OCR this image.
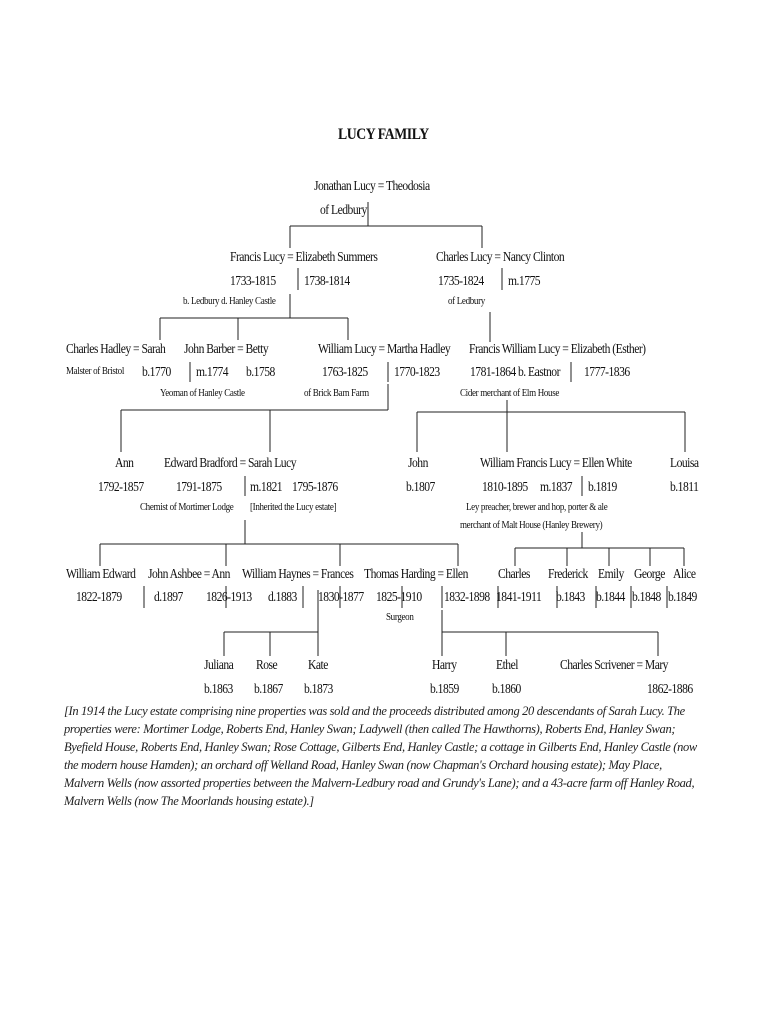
LUCY FAMILY
Jonathan Lucy = Theodosia
of Ledbury
Francis Lucy = Elizabeth Summers
1733-1815 1738-1814
b. Ledbury d. Hanley Castle
Charles Lucy = Nancy Clinton
1735-1824 m.1775
of Ledbury
Charles Hadley = Sarah
Malster of Bristol b.1770
John Barber = Betty
m.1774 b.1758
Yeoman of Hanley Castle
William Lucy = Martha Hadley
1763-1825 1770-1823
of Brick Barn Farm
Francis William Lucy = Elizabeth (Esther)
1781-1864 b. Eastnor 1777-1836
Cider merchant of Elm House
Ann
1792-1857
Edward Bradford = Sarah Lucy
1791-1875 m.1821 1795-1876
Chemist of Mortimer Lodge [Inherited the Lucy estate]
John
b.1807
William Francis Lucy = Ellen White
1810-1895 m.1837 b.1819
Ley preacher, brewer and hop, porter & ale
merchant of Malt House (Hanley Brewery)
Louisa
b.1811
William Edward
1822-1879
John Ashbee = Ann
d.1897 1826-1913
William Haynes = Frances
d.1883 1830-1877
Thomas Harding = Ellen
1825-1910
Surgeon
1832-1898
Charles
1841-1911
Frederick
b.1843
Emily
b.1844
George
b.1848
Alice
b.1849
Juliana
b.1863
Rose
b.1867
Kate
b.1873
Harry
b.1859
Ethel
b.1860
Charles Scrivener = Mary
1862-1886
[In 1914 the Lucy estate comprising nine properties was sold and the proceeds distributed among 20 descendants of Sarah Lucy. The properties were: Mortimer Lodge, Roberts End, Hanley Swan; Ladywell (then called The Hawthorns), Roberts End, Hanley Swan; Byefield House, Roberts End, Hanley Swan; Rose Cottage, Gilberts End, Hanley Castle; a cottage in Gilberts End, Hanley Castle (now the modern house Hamden); an orchard off Welland Road, Hanley Swan (now Chapman's Orchard housing estate); May Place, Malvern Wells (now assorted properties between the Malvern-Ledbury road and Grundy's Lane); and a 43-acre farm off Hanley Road, Malvern Wells (now The Moorlands housing estate).]
